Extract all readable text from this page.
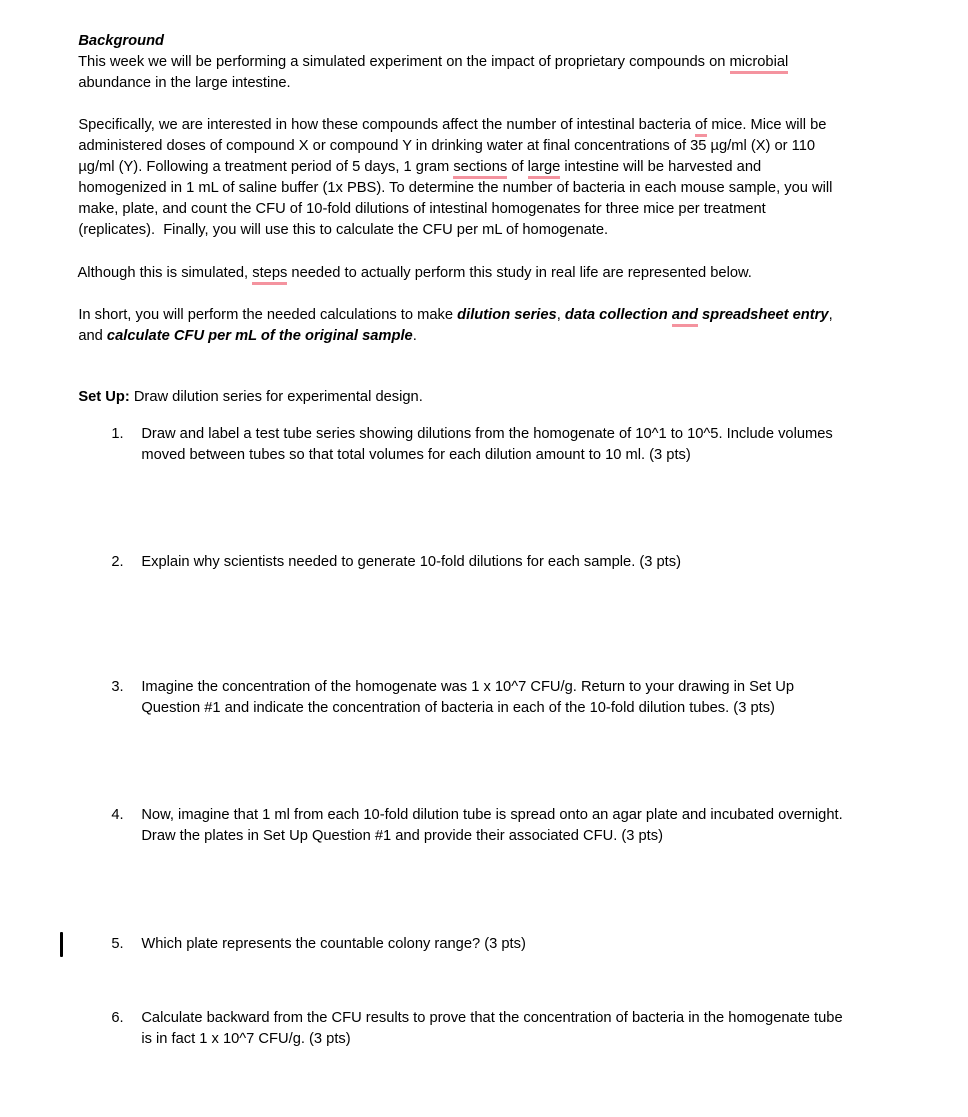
Background

This week we will be performing a simulated experiment on the impact of proprietary compounds on microbial

abundance in the large intestine.

Specifically, we are interested in how these compounds affect the number of intestinal bacteria of mice. Mice will be

administered doses of compound X or compound Y in drinking water at final concentrations of 35 µg/ml (X) or 110

µg/ml (Y). Following a treatment period of 5 days, 1 gram sections of large intestine will be harvested and

homogenized in 1 mL of saline buffer (1x PBS). To determine the number of bacteria in each mouse sample, you will

make, plate, and count the CFU of 10-fold dilutions of intestinal homogenates for three mice per treatment

(replicates).  Finally, you will use this to calculate the CFU per mL of homogenate.

Although this is simulated, steps needed to actually perform this study in real life are represented below.

In short, you will perform the needed calculations to make dilution series, data collection and spreadsheet entry,

and calculate CFU per mL of the original sample.

Set Up: Draw dilution series for experimental design.

1. Draw and label a test tube series showing dilutions from the homogenate of 10^1 to 10^5. Include volumes

moved between tubes so that total volumes for each dilution amount to 10 ml. (3 pts)

2. Explain why scientists needed to generate 10-fold dilutions for each sample. (3 pts)

3. Imagine the concentration of the homogenate was 1 x 10^7 CFU/g. Return to your drawing in Set Up

Question #1 and indicate the concentration of bacteria in each of the 10-fold dilution tubes. (3 pts)

4. Now, imagine that 1 ml from each 10-fold dilution tube is spread onto an agar plate and incubated overnight.

Draw the plates in Set Up Question #1 and provide their associated CFU. (3 pts)

5. Which plate represents the countable colony range? (3 pts)

6. Calculate backward from the CFU results to prove that the concentration of bacteria in the homogenate tube

is in fact 1 x 10^7 CFU/g. (3 pts)
